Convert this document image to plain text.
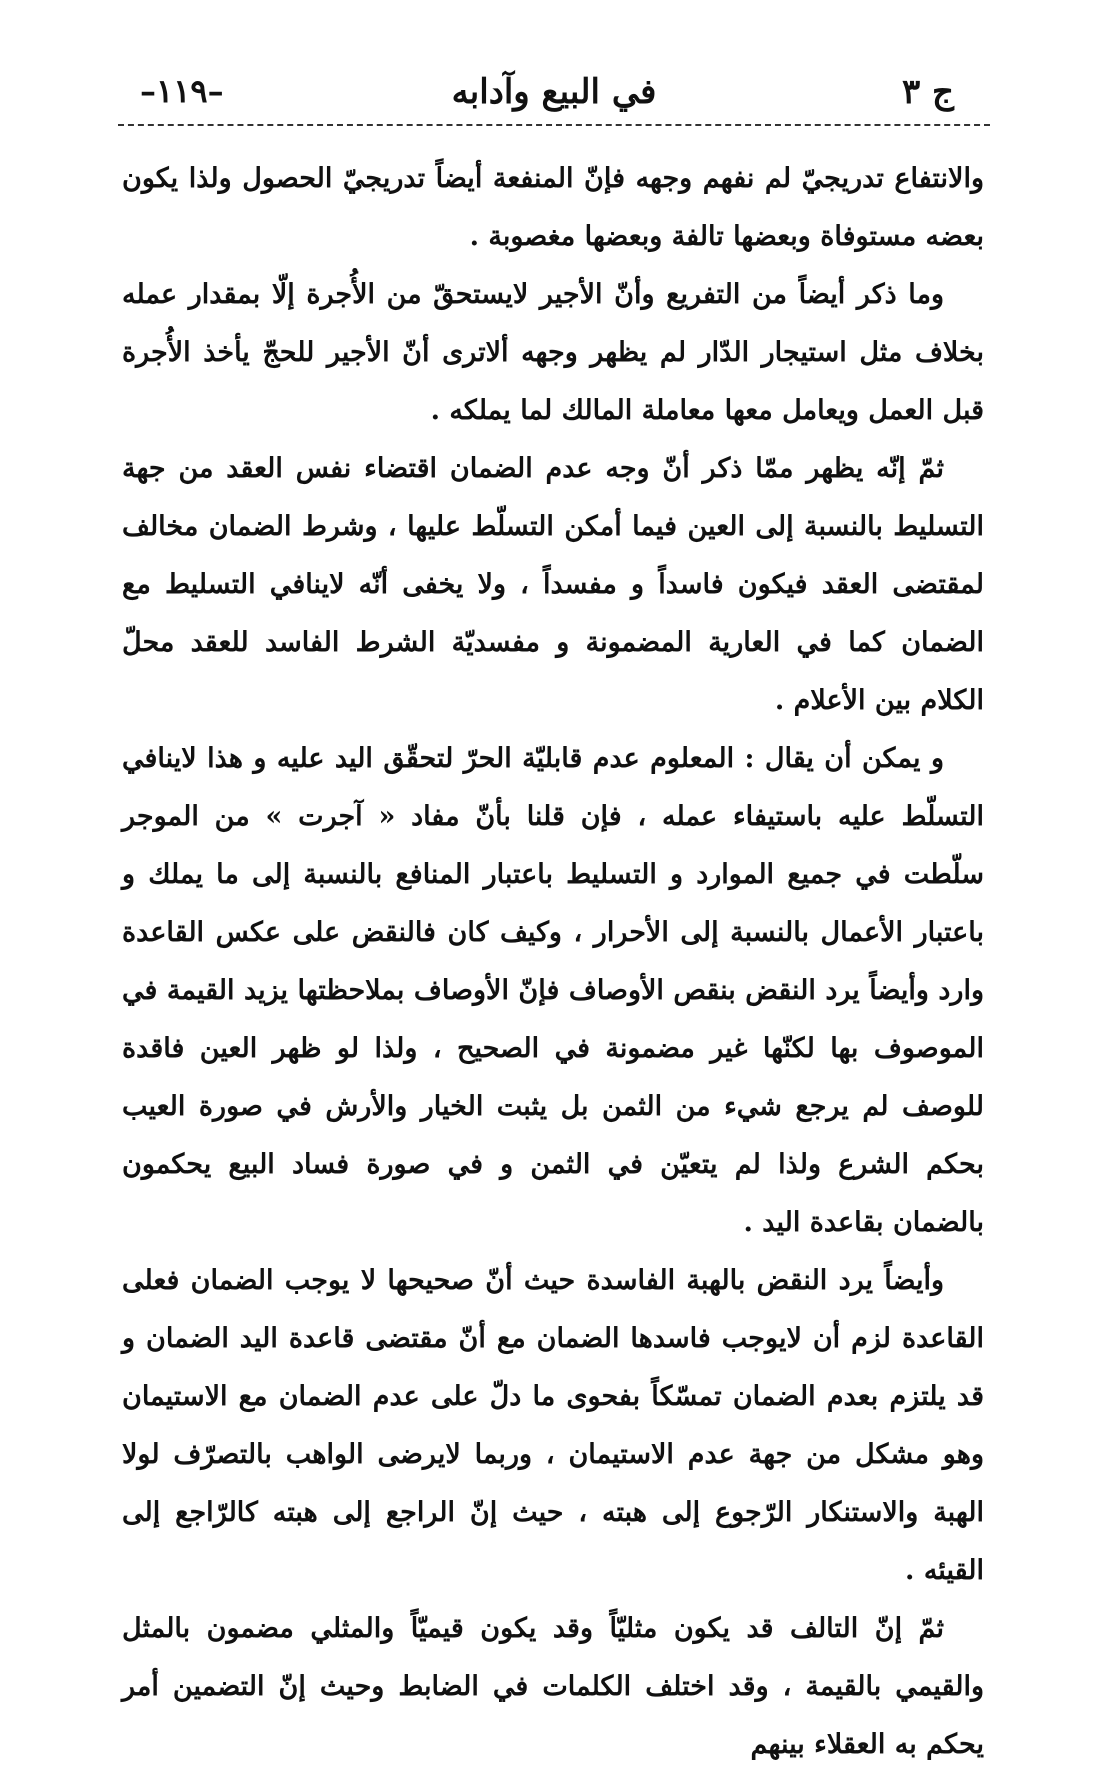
ج ٣
في البيع وآدابه
–١١٩–

والانتفاع تدريجيّ لم نفهم وجهه فإنّ المنفعة أيضاً تدريجيّ الحصول ولذا يكون بعضه مستوفاة وبعضها تالفة وبعضها مغصوبة .

وما ذكر أيضاً من التفريع وأنّ الأجير لايستحقّ من الأُجرة إلّا بمقدار عمله بخلاف مثل استيجار الدّار لم يظهر وجهه ألاترى أنّ الأجير للحجّ يأخذ الأُجرة قبل العمل ويعامل معها معاملة المالك لما يملكه .

ثمّ إنّه يظهر ممّا ذكر أنّ وجه عدم الضمان اقتضاء نفس العقد من جهة التسليط بالنسبة إلى العين فيما أمكن التسلّط عليها ، وشرط الضمان مخالف لمقتضى العقد فيكون فاسداً و مفسداً ، ولا يخفى أنّه لاينافي التسليط مع الضمان كما في العارية المضمونة و مفسديّة الشرط الفاسد للعقد محلّ الكلام بين الأعلام .

و يمكن أن يقال : المعلوم عدم قابليّة الحرّ لتحقّق اليد عليه و هذا لاينافي التسلّط عليه باستيفاء عمله ، فإن قلنا بأنّ مفاد « آجرت » من الموجر سلّطت في جميع الموارد و التسليط باعتبار المنافع بالنسبة إلى ما يملك و باعتبار الأعمال بالنسبة إلى الأحرار ، وكيف كان فالنقض على عكس القاعدة وارد وأيضاً يرد النقض بنقص الأوصاف فإنّ الأوصاف بملاحظتها يزيد القيمة في الموصوف بها لكنّها غير مضمونة في الصحيح ، ولذا لو ظهر العين فاقدة للوصف لم يرجع شيء من الثمن بل يثبت الخيار والأرش في صورة العيب بحكم الشرع ولذا لم يتعيّن في الثمن و في صورة فساد البيع يحكمون بالضمان بقاعدة اليد .

وأيضاً يرد النقض بالهبة الفاسدة حيث أنّ صحيحها لا يوجب الضمان فعلى القاعدة لزم أن لايوجب فاسدها الضمان مع أنّ مقتضى قاعدة اليد الضمان و قد يلتزم بعدم الضمان تمسّكاً بفحوى ما دلّ على عدم الضمان مع الاستيمان وهو مشكل من جهة عدم الاستيمان ، وربما لايرضى الواهب بالتصرّف لولا الهبة والاستنكار الرّجوع إلى هبته ، حيث إنّ الراجع إلى هبته كالرّاجع إلى القيئه .

ثمّ إنّ التالف قد يكون مثليّاً وقد يكون قيميّاً والمثلي مضمون بالمثل والقيمي بالقيمة ، وقد اختلف الكلمات في الضابط وحيث إنّ التضمين أمر يحكم به العقلاء بينهم
